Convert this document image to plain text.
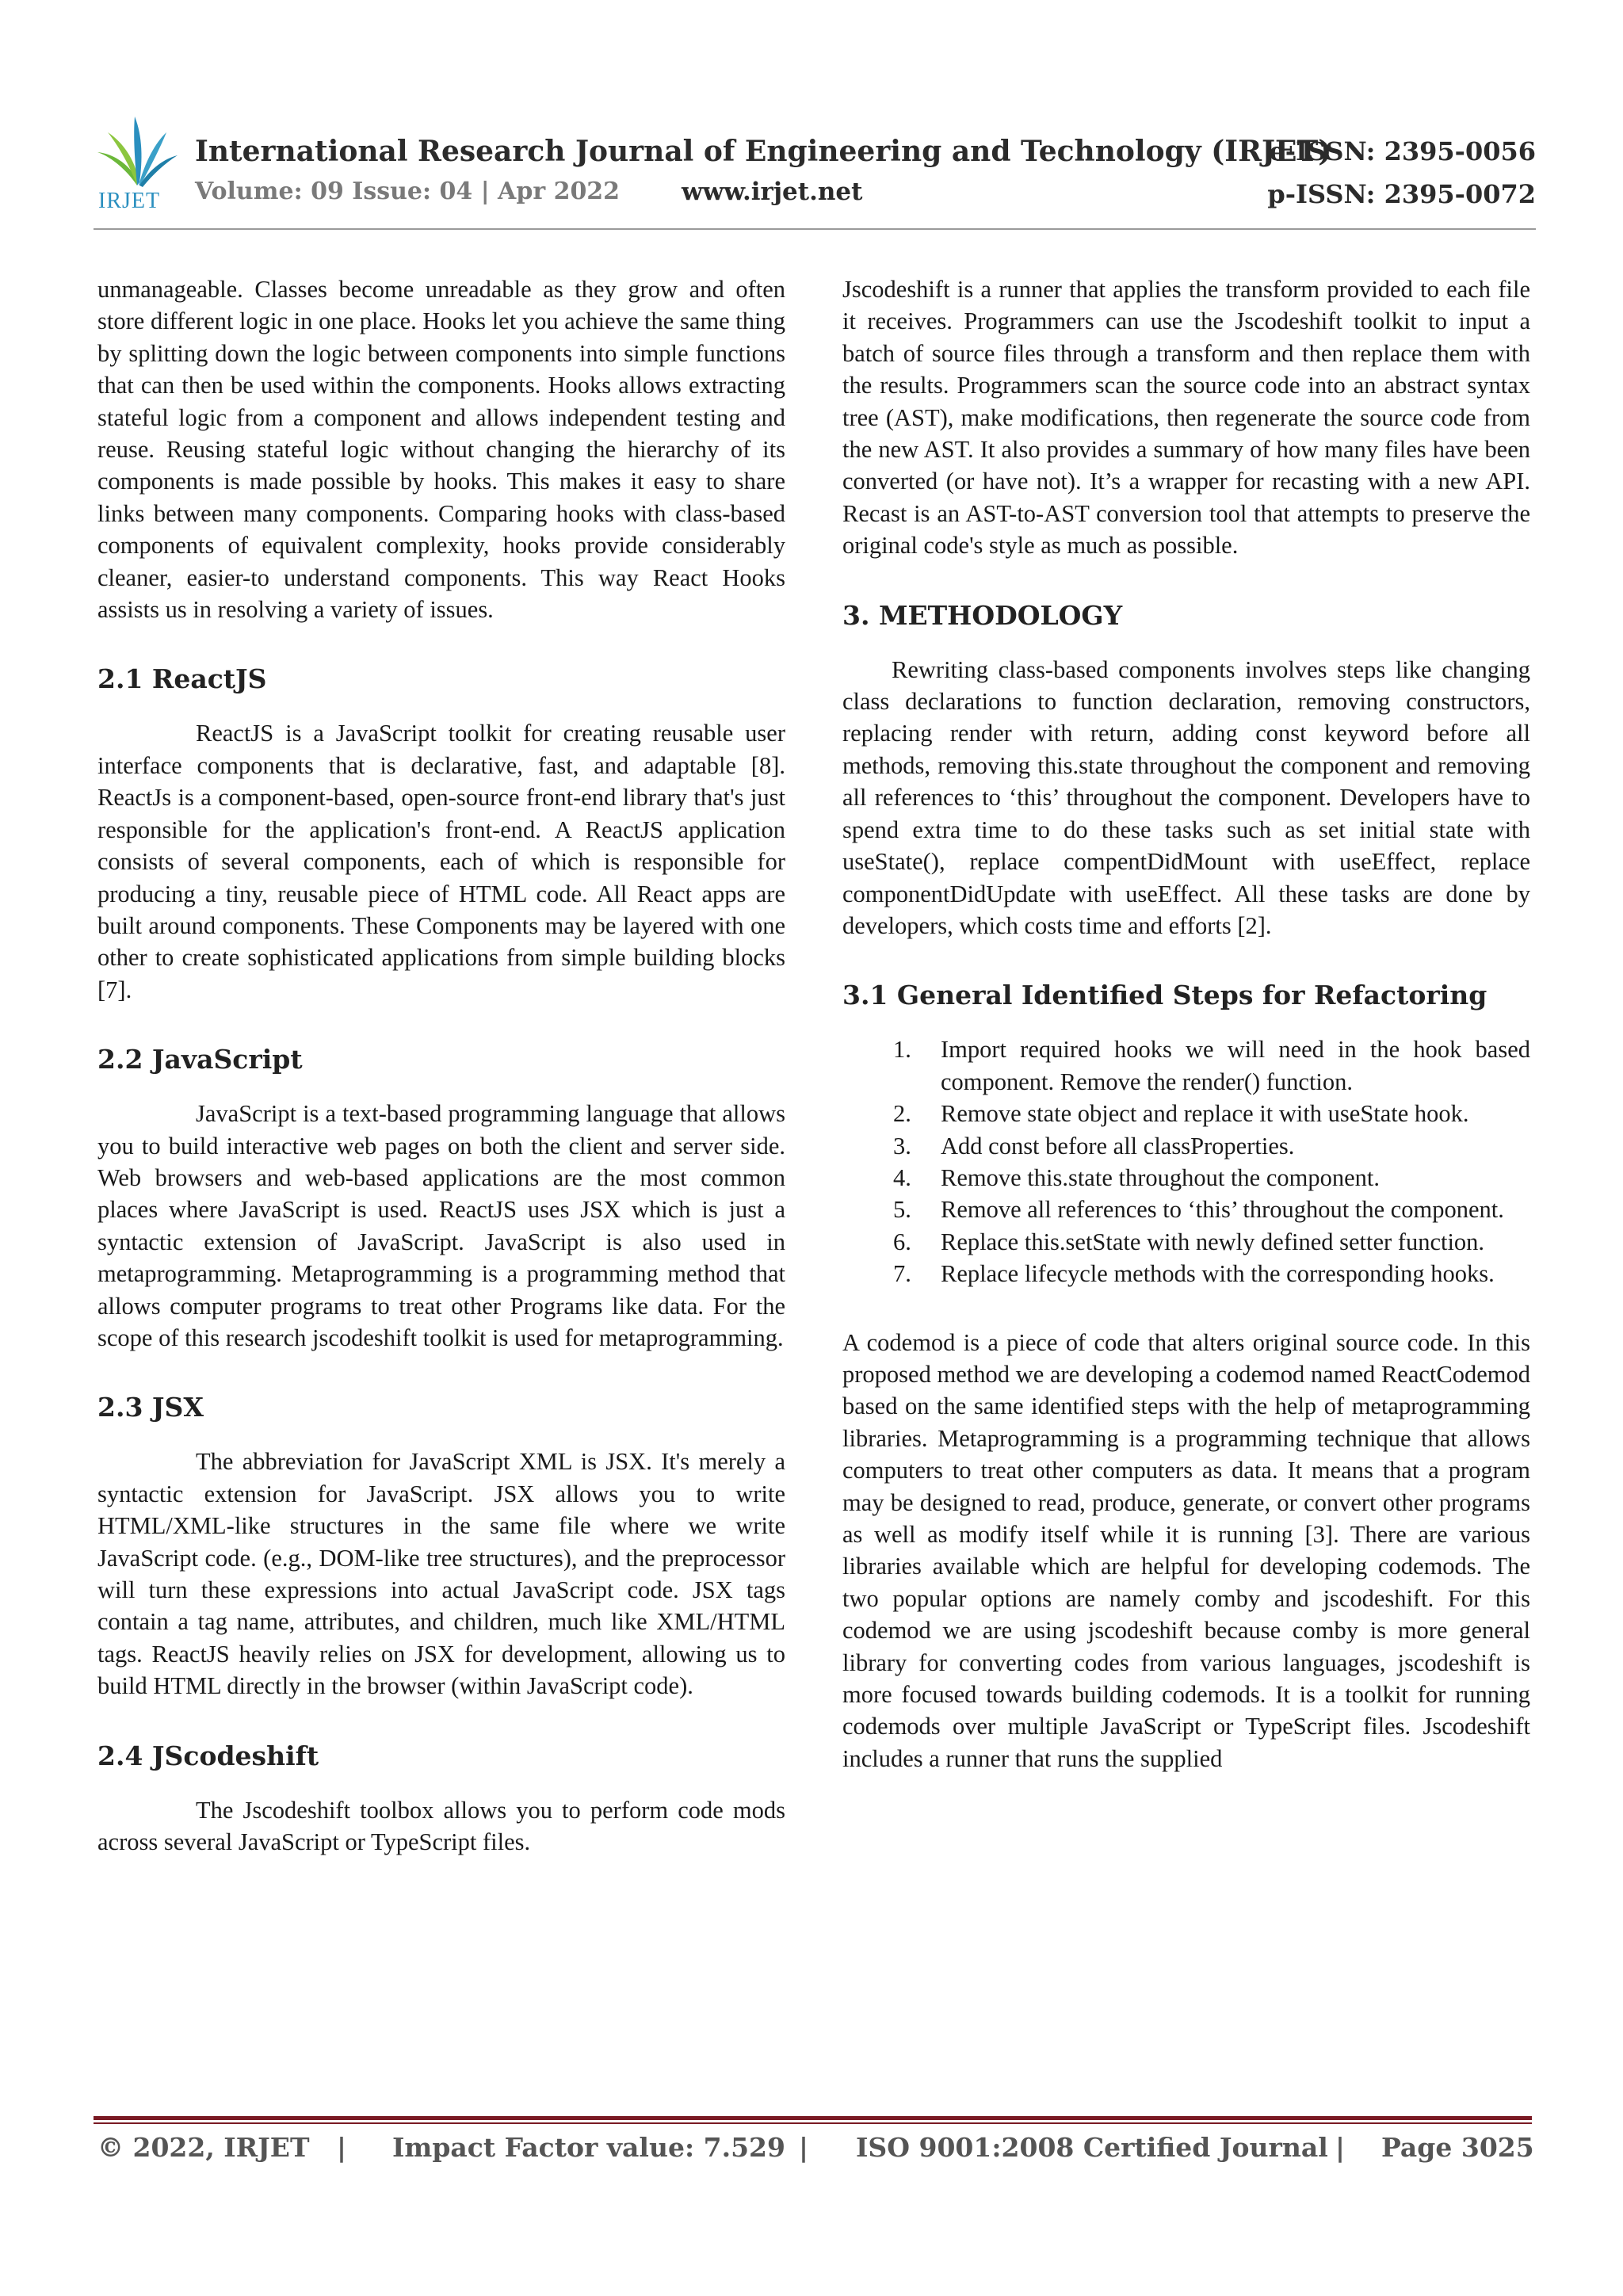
IRJET
International Research Journal of Engineering and Technology (IRJET)
e-ISSN: 2395-0056
Volume: 09 Issue: 04 | Apr 2022	www.irjet.net	p-ISSN: 2395-0072

unmanageable. Classes become unreadable as they grow and often store different logic in one place. Hooks let you achieve the same thing by splitting down the logic between components into simple functions that can then be used within the components. Hooks allows extracting stateful logic from a component and allows independent testing and reuse. Reusing stateful logic without changing the hierarchy of its components is made possible by hooks. This makes it easy to share links between many components. Comparing hooks with class-based components of equivalent complexity, hooks provide considerably cleaner, easier-to understand components. This way React Hooks assists us in resolving a variety of issues.

2.1 ReactJS

ReactJS is a JavaScript toolkit for creating reusable user interface components that is declarative, fast, and adaptable [8]. ReactJs is a component-based, open-source front-end library that's just responsible for the application's front-end. A ReactJS application consists of several components, each of which is responsible for producing a tiny, reusable piece of HTML code. All React apps are built around components. These Components may be layered with one other to create sophisticated applications from simple building blocks [7].

2.2 JavaScript

JavaScript is a text-based programming language that allows you to build interactive web pages on both the client and server side. Web browsers and web-based applications are the most common places where JavaScript is used. ReactJS uses JSX which is just a syntactic extension of JavaScript. JavaScript is also used in metaprogramming. Metaprogramming is a programming method that allows computer programs to treat other Programs like data. For the scope of this research jscodeshift toolkit is used for metaprogramming.

2.3 JSX

The abbreviation for JavaScript XML is JSX. It's merely a syntactic extension for JavaScript. JSX allows you to write HTML/XML-like structures in the same file where we write JavaScript code. (e.g., DOM-like tree structures), and the preprocessor will turn these expressions into actual JavaScript code. JSX tags contain a tag name, attributes, and children, much like XML/HTML tags. ReactJS heavily relies on JSX for development, allowing us to build HTML directly in the browser (within JavaScript code).

2.4 JScodeshift

The Jscodeshift toolbox allows you to perform code mods across several JavaScript or TypeScript files.

Jscodeshift is a runner that applies the transform provided to each file it receives. Programmers can use the Jscodeshift toolkit to input a batch of source files through a transform and then replace them with the results. Programmers scan the source code into an abstract syntax tree (AST), make modifications, then regenerate the source code from the new AST. It also provides a summary of how many files have been converted (or have not). It’s a wrapper for recasting with a new API. Recast is an AST-to-AST conversion tool that attempts to preserve the original code's style as much as possible.

3. METHODOLOGY

Rewriting class-based components involves steps like changing class declarations to function declaration, removing constructors, replacing render with return, adding const keyword before all methods, removing this.state throughout the component and removing all references to ‘this’ throughout the component. Developers have to spend extra time to do these tasks such as set initial state with useState(), replace compentDidMount with useEffect, replace componentDidUpdate with useEffect. All these tasks are done by developers, which costs time and efforts [2].

3.1 General Identified Steps for Refactoring
1. Import required hooks we will need in the hook based component. Remove the render() function.
2. Remove state object and replace it with useState hook.
3. Add const before all classProperties.
4. Remove this.state throughout the component.
5. Remove all references to ‘this’ throughout the component.
6. Replace this.setState with newly defined setter function.
7. Replace lifecycle methods with the corresponding hooks.

A codemod is a piece of code that alters original source code. In this proposed method we are developing a codemod named ReactCodemod based on the same identified steps with the help of metaprogramming libraries. Metaprogramming is a programming technique that allows computers to treat other computers as data. It means that a program may be designed to read, produce, generate, or convert other programs as well as modify itself while it is running [3]. There are various libraries available which are helpful for developing codemods. The two popular options are namely comby and jscodeshift. For this codemod we are using jscodeshift because comby is more general library for converting codes from various languages, jscodeshift is more focused towards building codemods. It is a toolkit for running codemods over multiple JavaScript or TypeScript files. Jscodeshift includes a runner that runs the supplied

© 2022, IRJET | Impact Factor value: 7.529 | ISO 9001:2008 Certified Journal | Page 3025
